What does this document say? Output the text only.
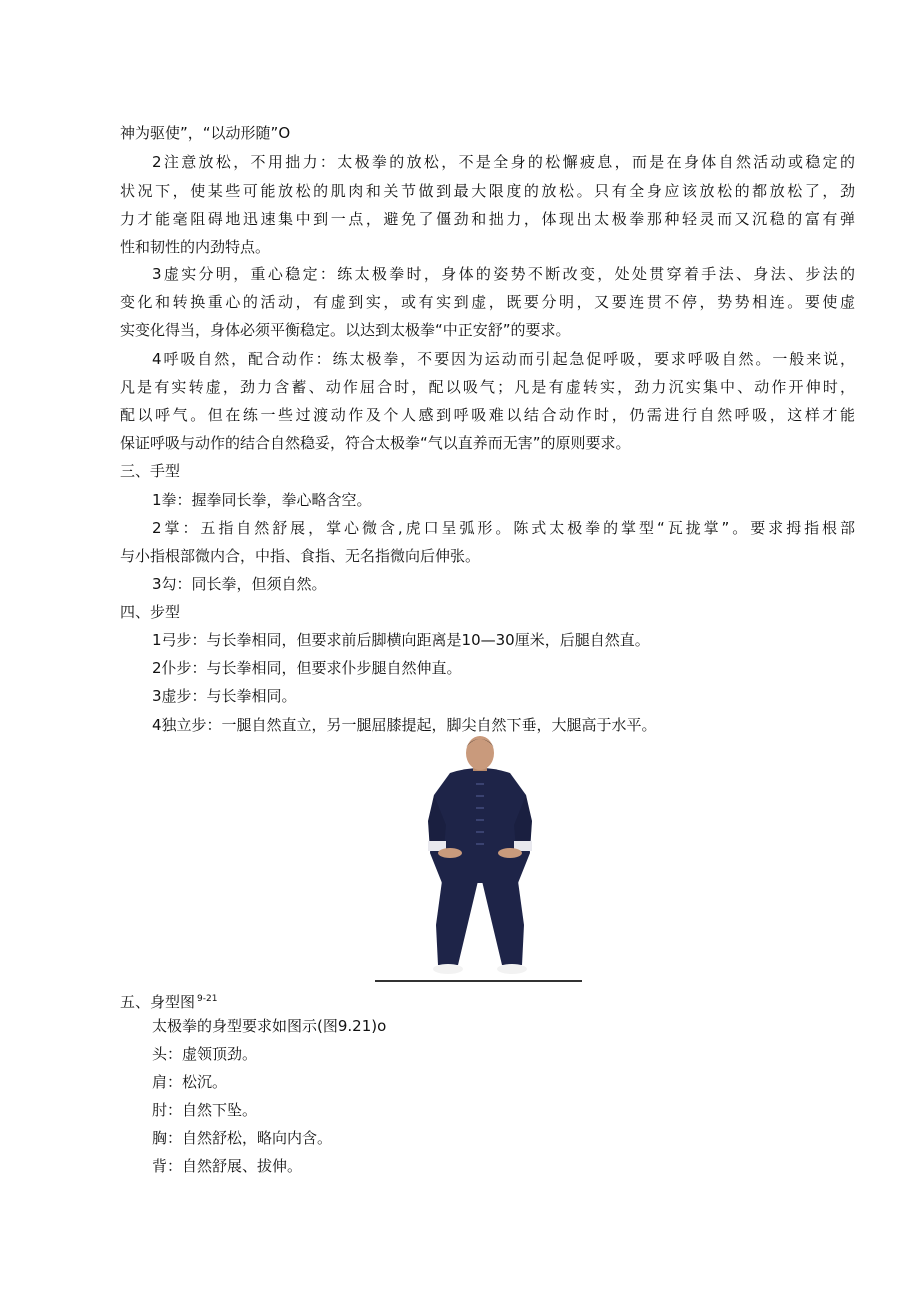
神为驱使”，“以动形随”O
2注意放松，不用拙力：太极拳的放松，不是全身的松懈疲息，而是在身体自然活动或稳定的
状况下，使某些可能放松的肌肉和关节做到最大限度的放松。只有全身应该放松的都放松了，劲
力才能毫阻碍地迅速集中到一点，避免了僵劲和拙力，体现出太极拳那种轻灵而又沉稳的富有弹
性和韧性的内劲特点。
3虚实分明，重心稳定：练太极拳时，身体的姿势不断改变，处处贯穿着手法、身法、步法的
变化和转换重心的活动，有虚到实，或有实到虚，既要分明，又要连贯不停，势势相连。要使虚
实变化得当，身体必须平衡稳定。以达到太极拳“中正安舒”的要求。
4呼吸自然，配合动作：练太极拳，不要因为运动而引起急促呼吸，要求呼吸自然。一般来说，
凡是有实转虚，劲力含蓄、动作屈合时，配以吸气；凡是有虚转实，劲力沉实集中、动作开伸时，
配以呼气。但在练一些过渡动作及个人感到呼吸难以结合动作时，仍需进行自然呼吸，这样才能
保证呼吸与动作的结合自然稳妥，符合太极拳“气以直养而无害”的原则要求。
三、手型
1拳：握拳同长拳，拳心略含空。
2掌：五指自然舒展，掌心微含,虎口呈弧形。陈式太极拳的掌型“瓦拢掌”。要求拇指根部
与小指根部微内合，中指、食指、无名指微向后伸张。
3勾：同长拳，但须自然。
四、步型
1弓步：与长拳相同，但要求前后脚横向距离是10—30厘米，后腿自然直。
2仆步：与长拳相同，但要求仆步腿自然伸直。
3虚步：与长拳相同。
4独立步：一腿自然直立，另一腿屈膝提起，脚尖自然下垂，大腿高于水平。
五、身型图 $^{9-21}$
太极拳的身型要求如图示(图9.21)o
头：虚领顶劲。
肩：松沉。
肘：自然下坠。
胸：自然舒松，略向内含。
背：自然舒展、拔伸。
